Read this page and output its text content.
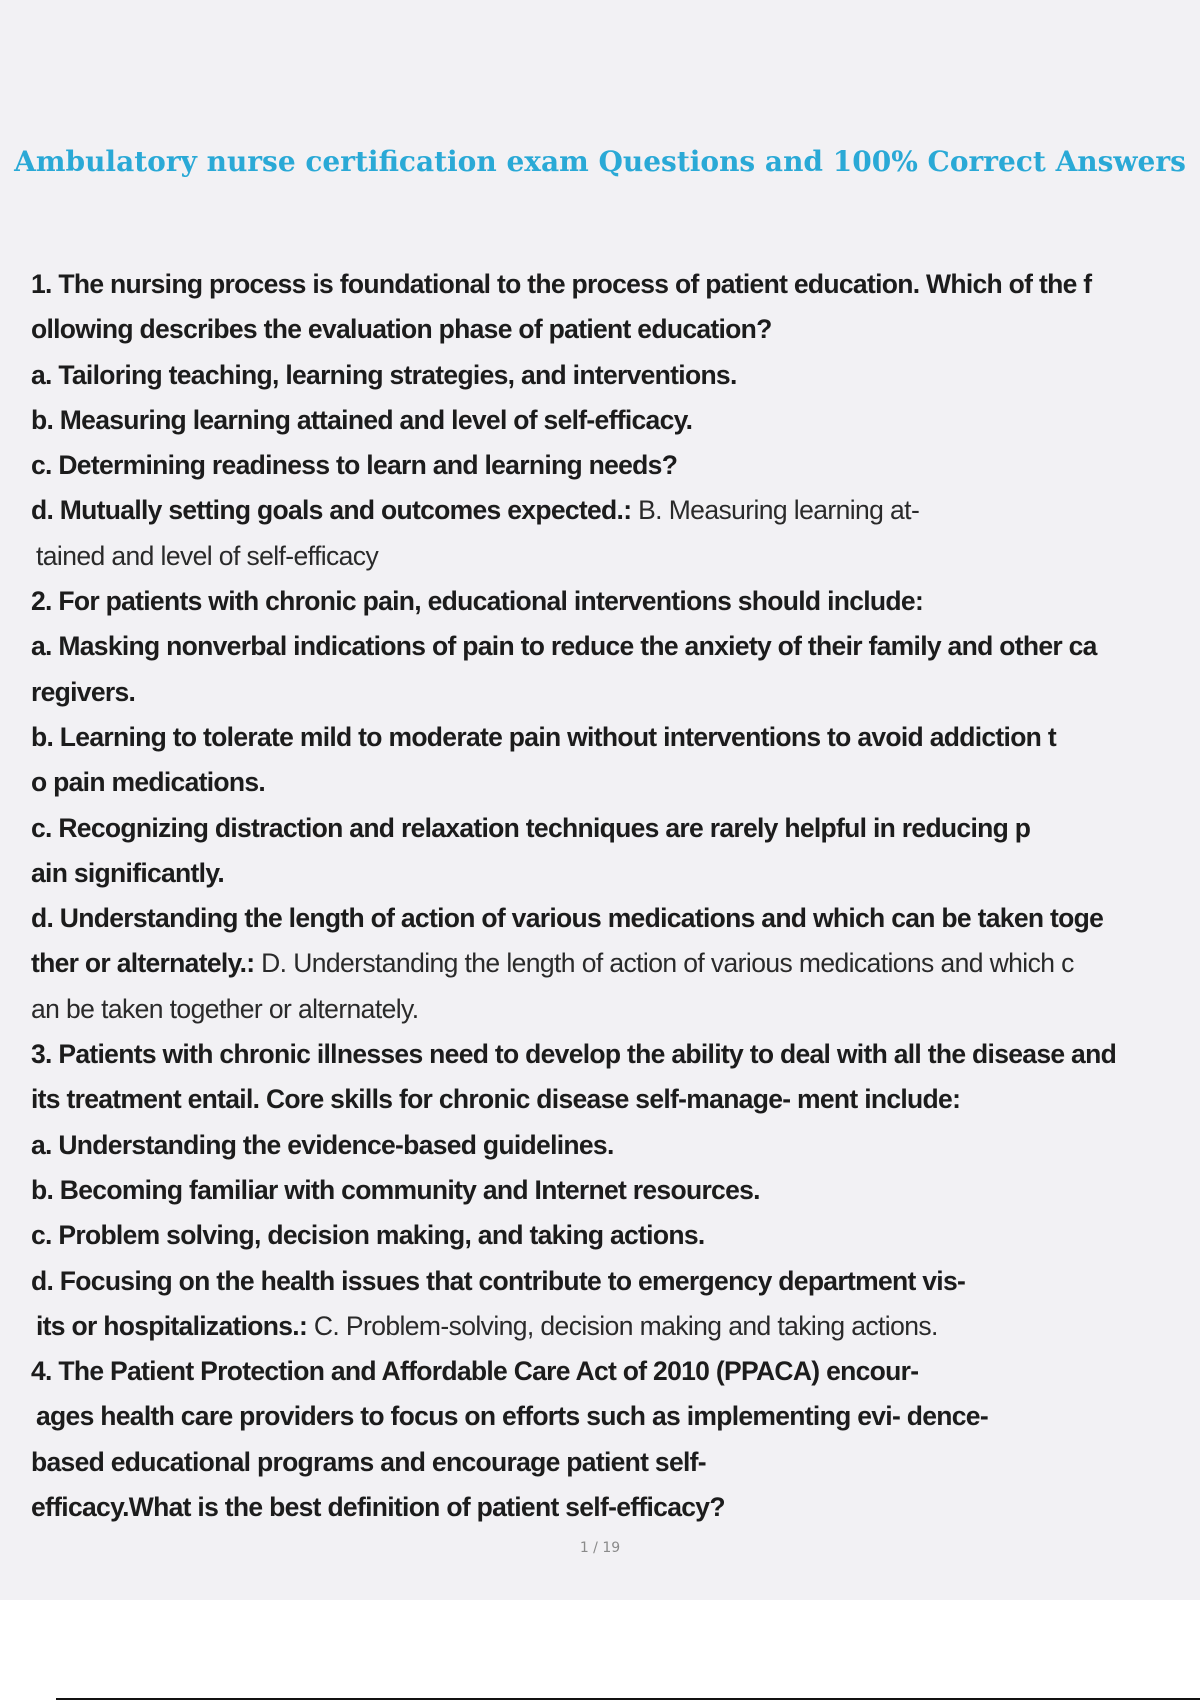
Ambulatory nurse certification exam Questions and 100% Correct Answers
1. The nursing process is foundational to the process of patient education. Which of the f
ollowing describes the evaluation phase of patient education?
a. Tailoring teaching, learning strategies, and interventions.
b. Measuring learning attained and level of self-efficacy.
c. Determining readiness to learn and learning needs?
d. Mutually setting goals and outcomes expected.: B. Measuring learning at-
tained and level of self-efficacy
2. For patients with chronic pain, educational interventions should include:
a. Masking nonverbal indications of pain to reduce the anxiety of their family and other ca
regivers.
b. Learning to tolerate mild to moderate pain without interventions to avoid addiction t
o pain medications.
c. Recognizing distraction and relaxation techniques are rarely helpful in reducing p
ain significantly.
d. Understanding the length of action of various medications and which can be taken toge
ther or alternately.: D. Understanding the length of action of various medications and which c
an be taken together or alternately.
3. Patients with chronic illnesses need to develop the ability to deal with all the disease and
its treatment entail. Core skills for chronic disease self-manage- ment include:
a. Understanding the evidence-based guidelines.
b. Becoming familiar with community and Internet resources.
c. Problem solving, decision making, and taking actions.
d. Focusing on the health issues that contribute to emergency department vis-
its or hospitalizations.: C. Problem-solving, decision making and taking actions.
4. The Patient Protection and Affordable Care Act of 2010 (PPACA) encour-
ages health care providers to focus on efforts such as implementing evi- dence-
based educational programs and encourage patient self-
efficacy.What is the best definition of patient self-efficacy?
1 / 19
